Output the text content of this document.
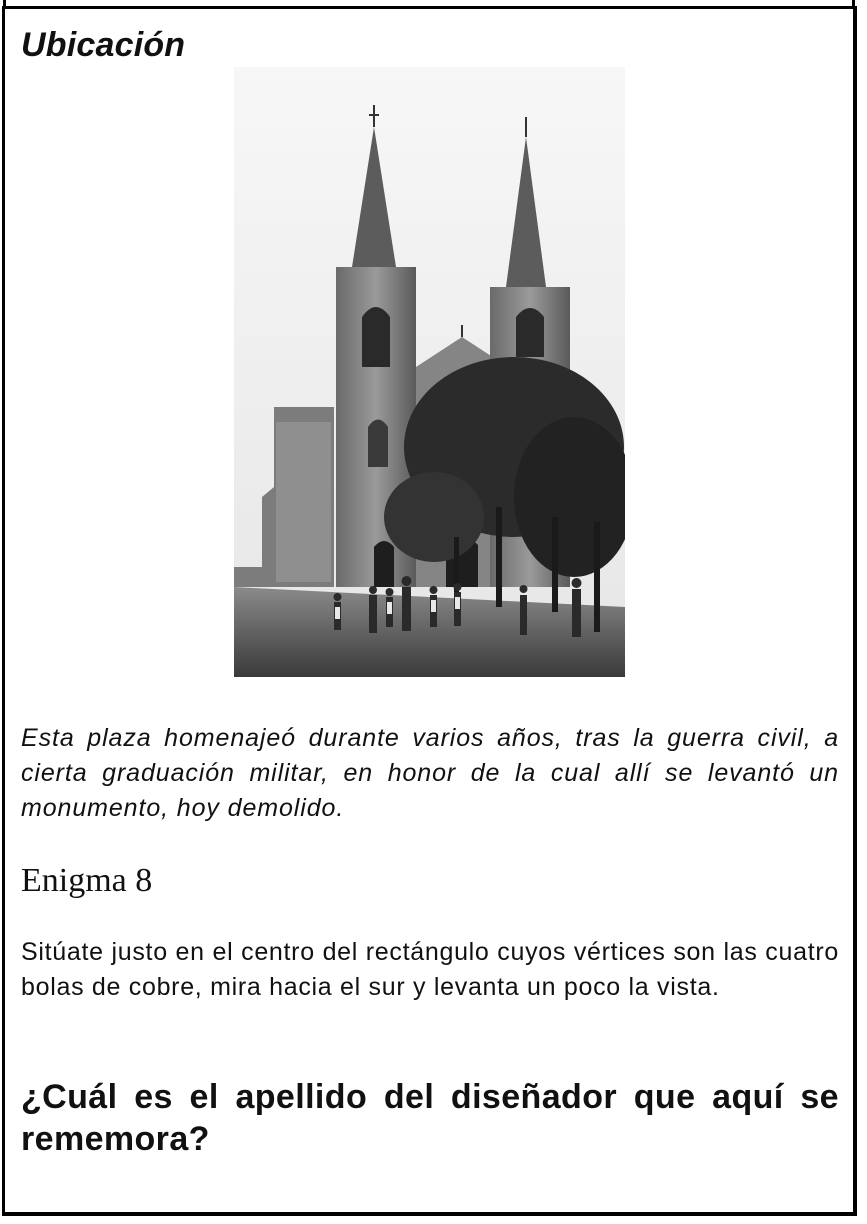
Ubicación

Esta plaza homenajeó durante varios años, tras la guerra civil, a cierta graduación militar, en honor de la cual allí se levantó un monumento, hoy demolido.

Enigma 8

Sitúate justo en el centro del rectángulo cuyos vértices son las cuatro bolas de cobre, mira hacia el sur y levanta un poco la vista.

¿Cuál es el apellido del diseñador que aquí se rememora?
